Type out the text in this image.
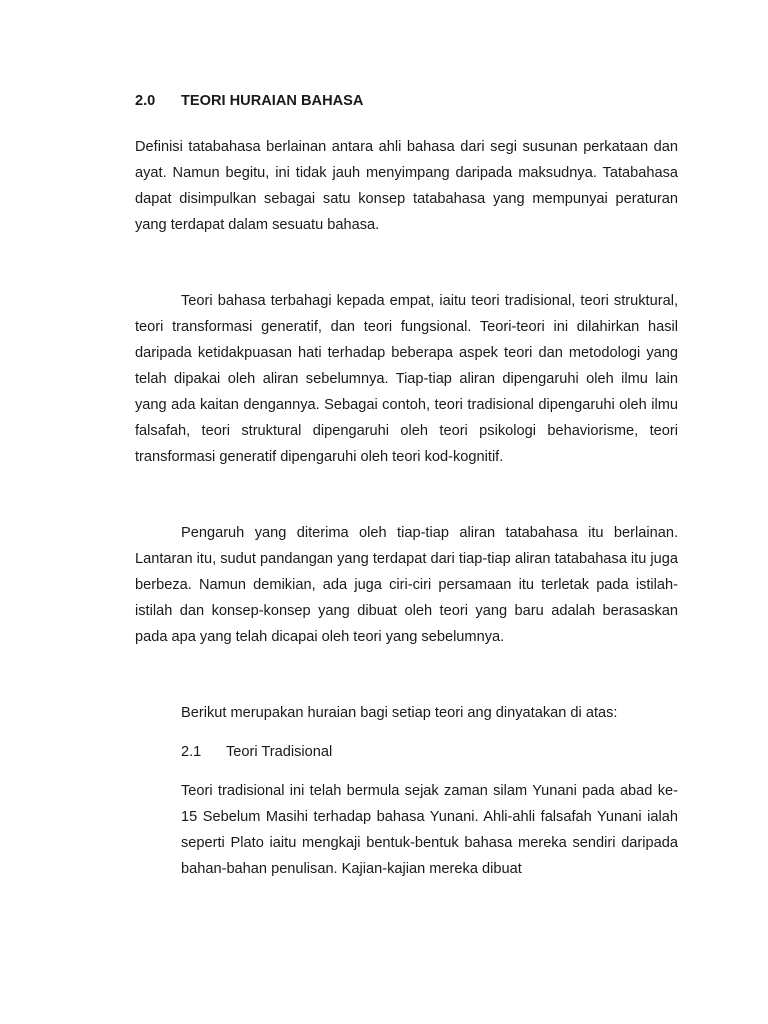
2.0 TEORI HURAIAN BAHASA

Definisi tatabahasa berlainan antara ahli bahasa dari segi susunan perkataan dan ayat. Namun begitu, ini tidak jauh menyimpang daripada maksudnya. Tatabahasa dapat disimpulkan sebagai satu konsep tatabahasa yang mempunyai peraturan yang terdapat dalam sesuatu bahasa.

Teori bahasa terbahagi kepada empat, iaitu teori tradisional, teori struktural, teori transformasi generatif, dan teori fungsional. Teori-teori ini dilahirkan hasil daripada ketidakpuasan hati terhadap beberapa aspek teori dan metodologi yang telah dipakai oleh aliran sebelumnya. Tiap-tiap aliran dipengaruhi oleh ilmu lain yang ada kaitan dengannya. Sebagai contoh, teori tradisional dipengaruhi oleh ilmu falsafah, teori struktural dipengaruhi oleh teori psikologi behaviorisme, teori transformasi generatif dipengaruhi oleh teori kod-kognitif.

Pengaruh yang diterima oleh tiap-tiap aliran tatabahasa itu berlainan. Lantaran itu, sudut pandangan yang terdapat dari tiap-tiap aliran tatabahasa itu juga berbeza. Namun demikian, ada juga ciri-ciri persamaan itu terletak pada istilah-istilah dan konsep-konsep yang dibuat oleh teori yang baru adalah berasaskan pada apa yang telah dicapai oleh teori yang sebelumnya.

Berikut merupakan huraian bagi setiap teori ang dinyatakan di atas:

2.1 Teori Tradisional

Teori tradisional ini telah bermula sejak zaman silam Yunani pada abad ke-15 Sebelum Masihi terhadap bahasa Yunani. Ahli-ahli falsafah Yunani ialah seperti Plato iaitu mengkaji bentuk-bentuk bahasa mereka sendiri daripada bahan-bahan penulisan. Kajian-kajian mereka dibuat
